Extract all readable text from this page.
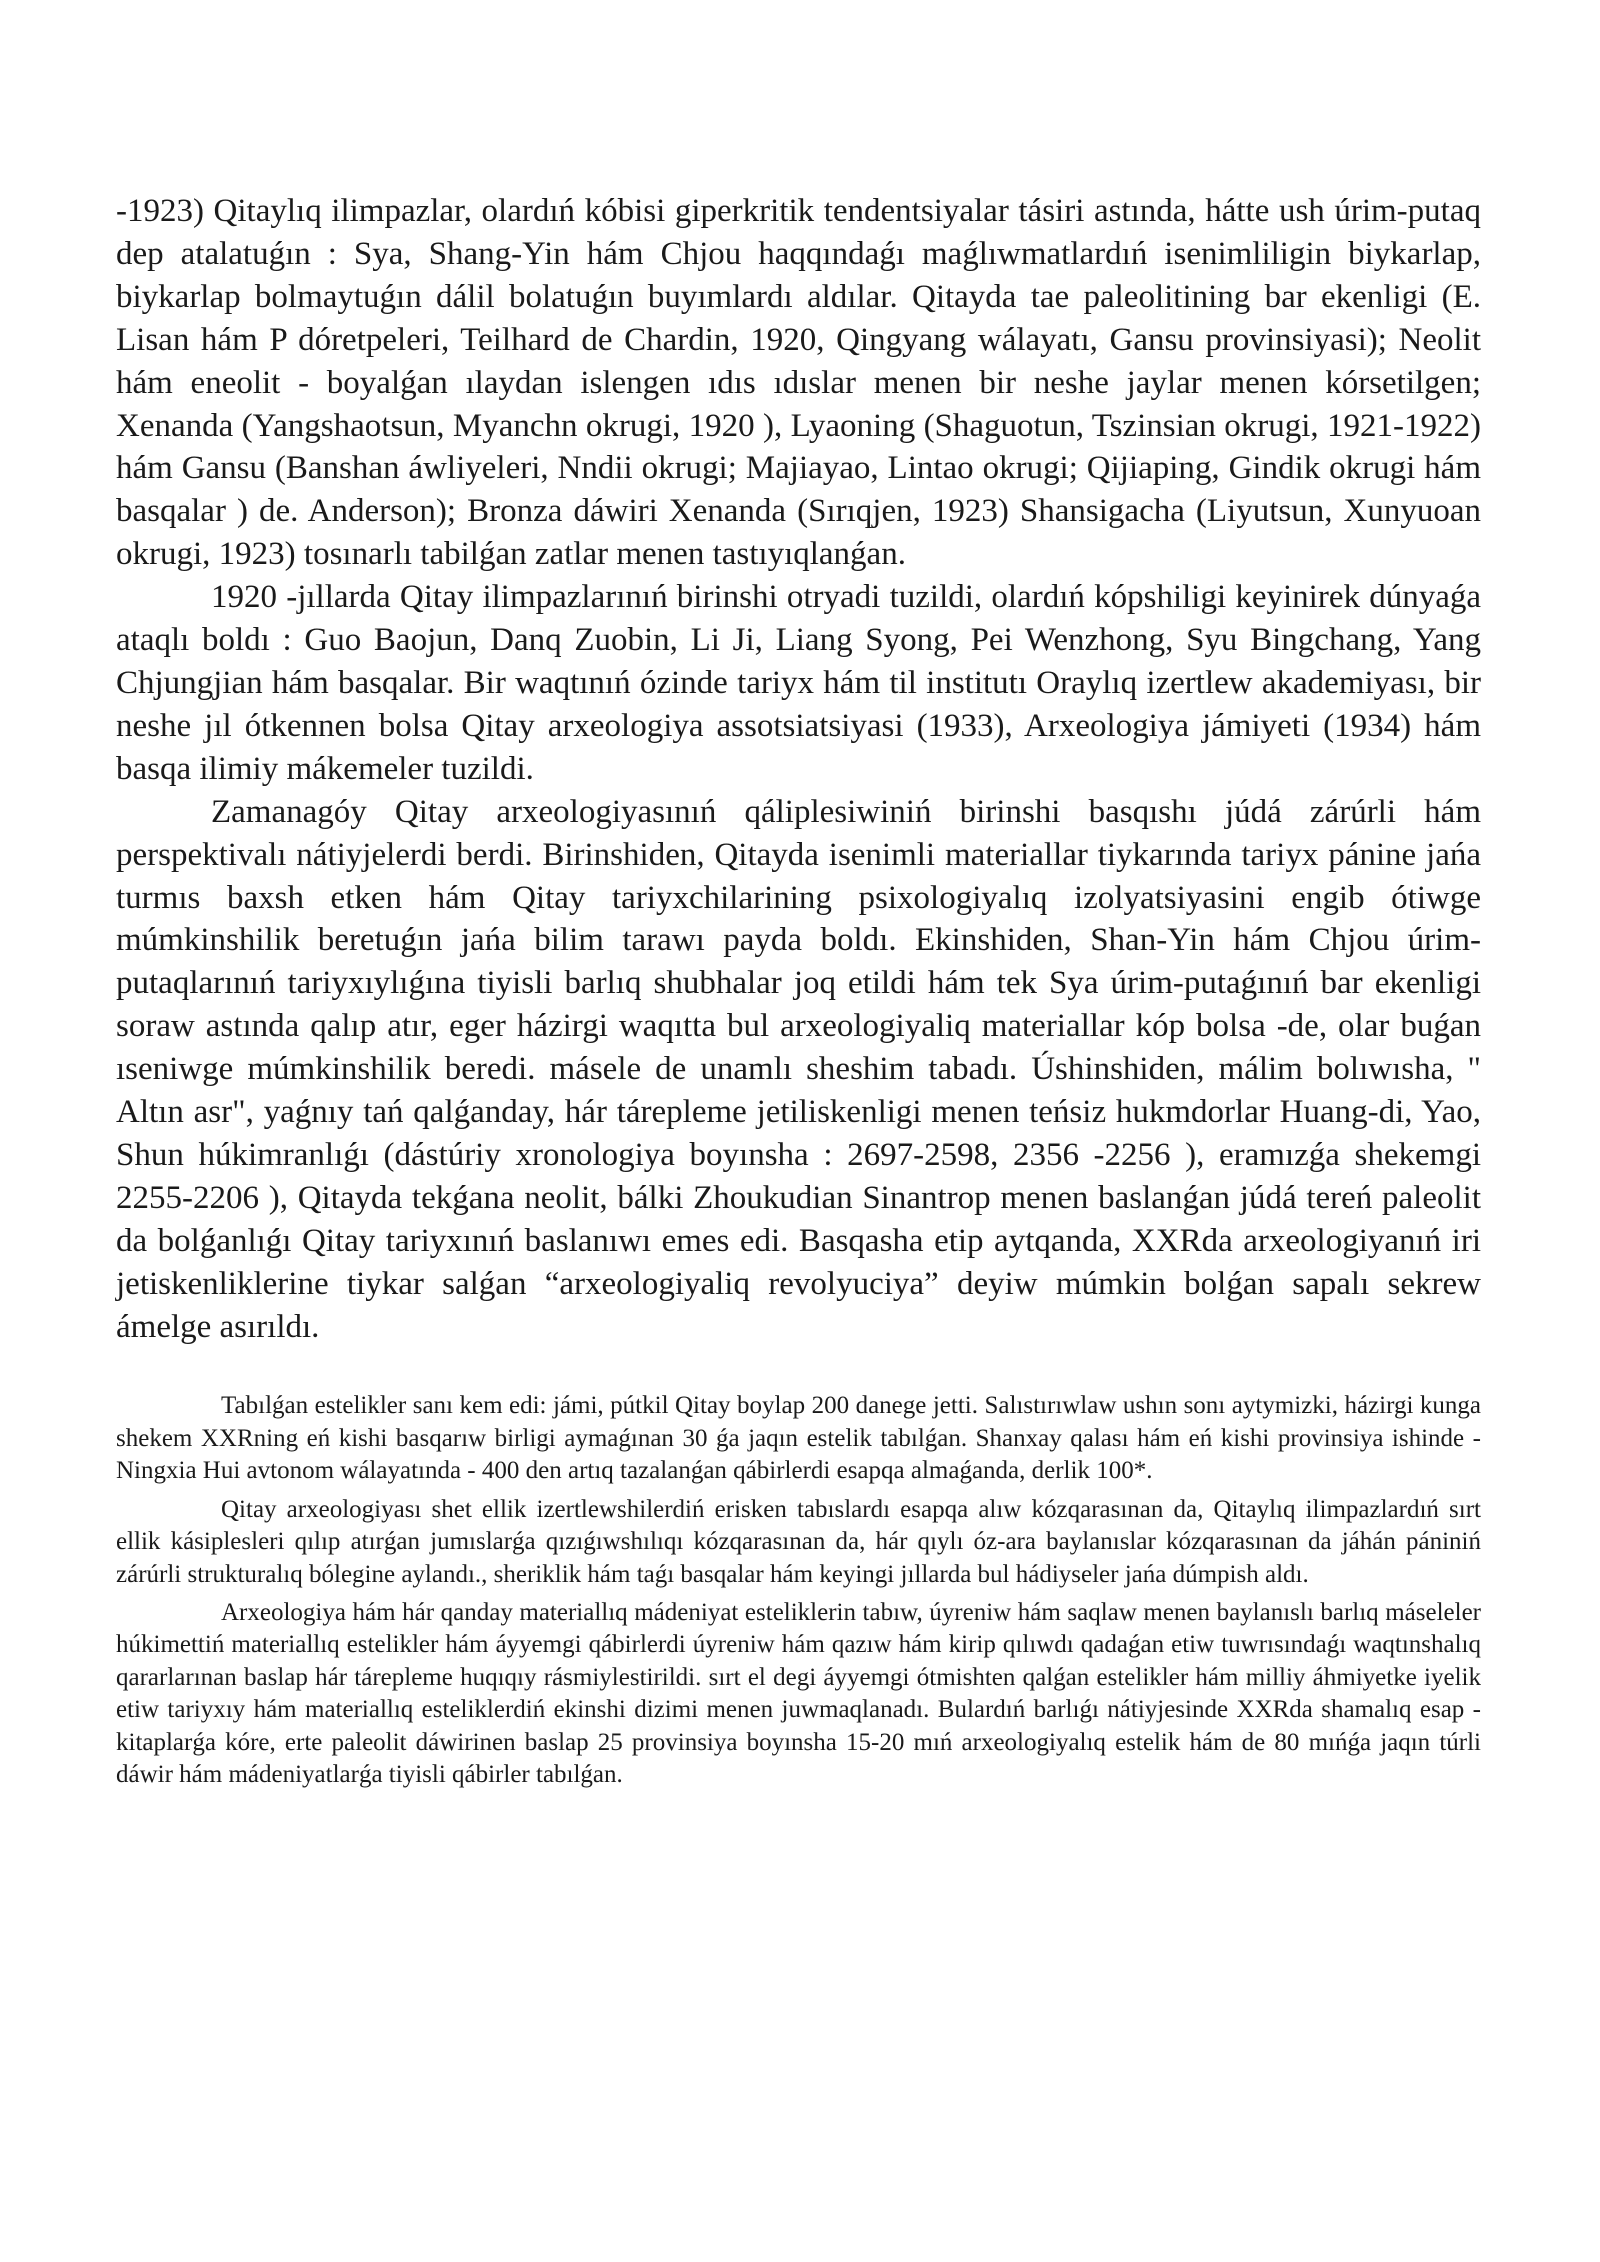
-1923) Qitaylıq ilimpazlar, olardıń kóbisi giperkritik tendentsiyalar tásiri astında, hátte ush úrim-putaq dep atalatuǵın : Sya, Shang-Yin hám Chjou haqqındaǵı maǵlıwmatlardıń isenimliligin biykarlap, biykarlap bolmaytuǵın dálil bolatuǵın buyımlardı aldılar. Qitayda tae paleolitining bar ekenligi (E. Lisan hám P dóretpeleri, Teilhard de Chardin, 1920, Qingyang wálayatı, Gansu provinsiyasi); Neolit hám eneolit - boyalǵan ılaydan islengen ıdıs ıdıslar menen bir neshe jaylar menen kórsetilgen; Xenanda (Yangshaotsun, Myanchn okrugi, 1920 ), Lyaoning (Shaguotun, Tszinsian okrugi, 1921-1922) hám Gansu (Banshan áwliyeleri, Nndii okrugi; Majiayao, Lintao okrugi; Qijiaping, Gindik okrugi hám basqalar ) de. Anderson); Bronza dáwiri Xenanda (Sırıqjen, 1923) Shansigacha (Liyutsun, Xunyuoan okrugi, 1923) tosınarlı tabilǵan zatlar menen tastıyıqlanǵan.

1920 -jıllarda Qitay ilimpazlarınıń birinshi otryadi tuzildi, olardıń kópshiligi keyinirek dúnyaǵa ataqlı boldı : Guo Baojun, Danq Zuobin, Li Ji, Liang Syong, Pei Wenzhong, Syu Bingchang, Yang Chjungjian hám basqalar. Bir waqtınıń ózinde tariyx hám til institutı Oraylıq izertlew akademiyası, bir neshe jıl ótkennen bolsa Qitay arxeologiya assotsiatsiyasi (1933), Arxeologiya jámiyeti (1934) hám basqa ilimiy mákemeler tuzildi.

Zamanagóy Qitay arxeologiyasınıń qáliplesiwiniń birinshi basqıshı júdá zárúrli hám perspektivalı nátiyjelerdi berdi. Birinshiden, Qitayda isenimli materiallar tiykarında tariyx pánine jańa turmıs baxsh etken hám Qitay tariyxchilarining psixologiyalıq izolyatsiyasini engib ótiwge múmkinshilik beretuǵın jańa bilim tarawı payda boldı. Ekinshiden, Shan-Yin hám Chjou úrim-putaqlarınıń tariyxıylıǵına tiyisli barlıq shubhalar joq etildi hám tek Sya úrim-putaǵınıń bar ekenligi soraw astında qalıp atır, eger házirgi waqıtta bul arxeologiyaliq materiallar kóp bolsa -de, olar buǵan ıseniwge múmkinshilik beredi. másele de unamlı sheshim tabadı. Úshinshiden, málim bolıwısha, " Altın asr", yaǵnıy tań qalǵanday, hár tárepleme jetiliskenligi menen teńsiz hukmdorlar Huang-di, Yao, Shun húkimranlıǵı (dástúriy xronologiya boyınsha : 2697-2598, 2356 -2256 ), eramızǵa shekemgi 2255-2206 ), Qitayda tekǵana neolit, bálki Zhoukudian Sinantrop menen baslanǵan júdá tereń paleolit da bolǵanlıǵı Qitay tariyxınıń baslanıwı emes edi. Basqasha etip aytqanda, XXRda arxeologiyanıń iri jetiskenliklerine tiykar salǵan “arxeologiyaliq revolyuciya” deyiw múmkin bolǵan sapalı sekrew ámelge asırıldı.

Tabılǵan estelikler sanı kem edi: jámi, pútkil Qitay boylap 200 danege jetti. Salıstırıwlaw ushın sonı aytymizki, házirgi kunga shekem XXRning eń kishi basqarıw birligi aymaǵınan 30 ǵa jaqın estelik tabılǵan. Shanxay qalası hám eń kishi provinsiya ishinde - Ningxia Hui avtonom wálayatında - 400 den artıq tazalanǵan qábirlerdi esapqa almaǵanda, derlik 100*.

Qitay arxeologiyası shet ellik izertlewshilerdiń erisken tabıslardı esapqa alıw kózqarasınan da, Qitaylıq ilimpazlardıń sırt ellik kásiplesleri qılıp atırǵan jumıslarǵa qızıǵıwshılıqı kózqarasınan da, hár qıylı óz-ara baylanıslar kózqarasınan da jáhán pániniń zárúrli strukturalıq bólegine aylandı., sheriklik hám taǵı basqalar hám keyingi jıllarda bul hádiyseler jańa dúmpish aldı.

Arxeologiya hám hár qanday materiallıq mádeniyat esteliklerin tabıw, úyreniw hám saqlaw menen baylanıslı barlıq máseleler húkimettiń materiallıq estelikler hám áyyemgi qábirlerdi úyreniw hám qazıw hám kirip qılıwdı qadaǵan etiw tuwrısındaǵı waqtınshalıq qararlarınan baslap hár tárepleme huqıqıy rásmiylestirildi. sırt el degi áyyemgi ótmishten qalǵan estelikler hám milliy áhmiyetke iyelik etiw tariyxıy hám materiallıq esteliklerdiń ekinshi dizimi menen juwmaqlanadı. Bulardıń barlıǵı nátiyjesinde XXRda shamalıq esap -kitaplarǵa kóre, erte paleolit dáwirinen baslap 25 provinsiya boyınsha 15-20 mıń arxeologiyalıq estelik hám de 80 mıńǵa jaqın túrli dáwir hám mádeniyatlarǵa tiyisli qábirler tabılǵan.
